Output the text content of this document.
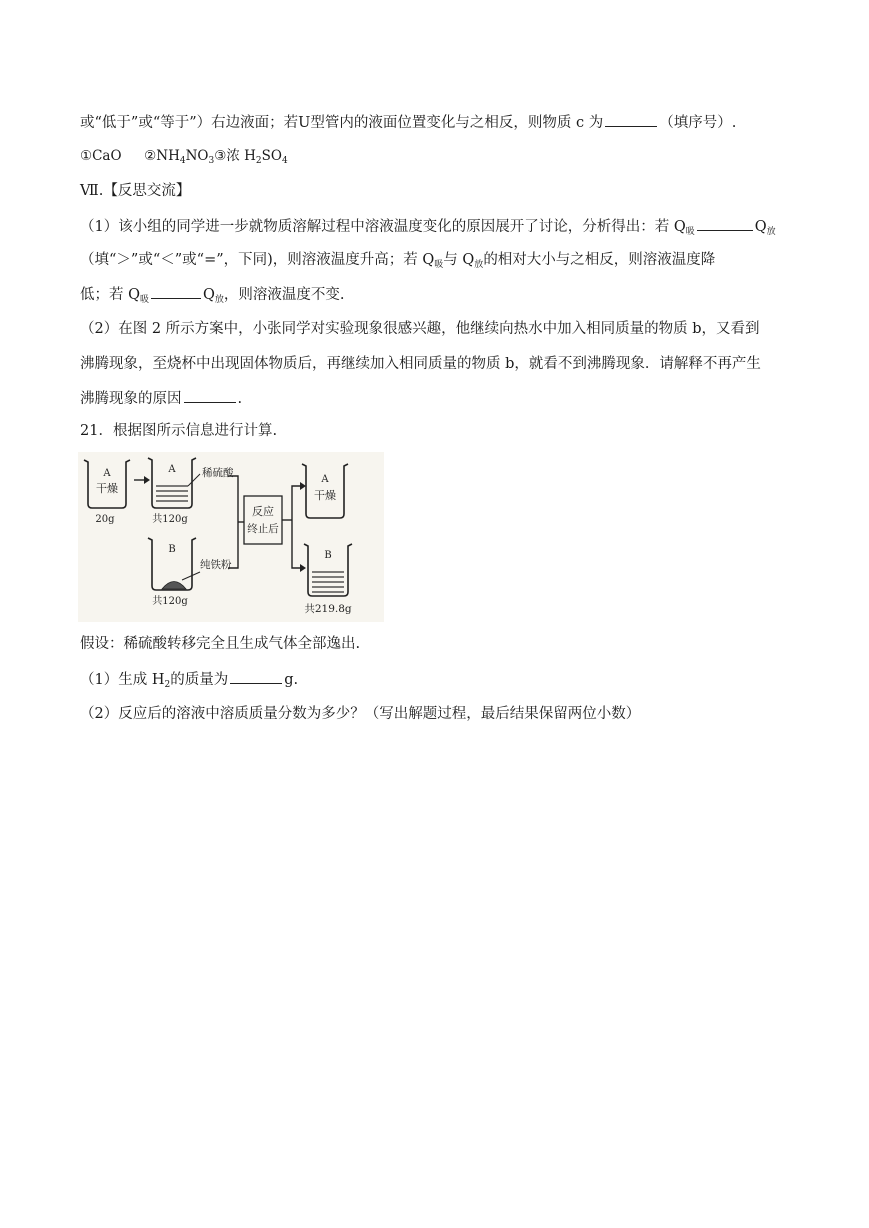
或“低于”或“等于”）右边液面；若U型管内的液面位置变化与之相反，则物质 c 为	（填序号）.
①CaO $②NH_4NO_3③$浓 $H_2SO_4$
Ⅶ.【反思交流】
（1）该小组的同学进一步就物质溶解过程中溶液温度变化的原因展开了讨论，分析得出：若 $Q_吸$	$Q_放$
（填“＞”或“＜”或“=”，下同)，则溶液温度升高；若 $Q_吸$与 $Q_放$的相对大小与之相反，则溶液温度降
低；若 $Q_吸$	$Q_放$，则溶液温度不变.
（2）在图 2 所示方案中，小张同学对实验现象很感兴趣，他继续向热水中加入相同质量的物质 b，又看到
沸腾现象，至烧杯中出现固体物质后，再继续加入相同质量的物质 b，就看不到沸腾现象．请解释不再产生
沸腾现象的原因	.
21．根据图所示信息进行计算.
A
干燥
20g
A	稀硫酸
共120g
B
纯铁粉
共120g
反应
终止后
A
干燥
B
共219.8g
假设：稀硫酸转移完全且生成气体全部逸出.
（1）生成 $H_2$的质量为	g.
（2）反应后的溶液中溶质质量分数为多少？（写出解题过程，最后结果保留两位小数）
